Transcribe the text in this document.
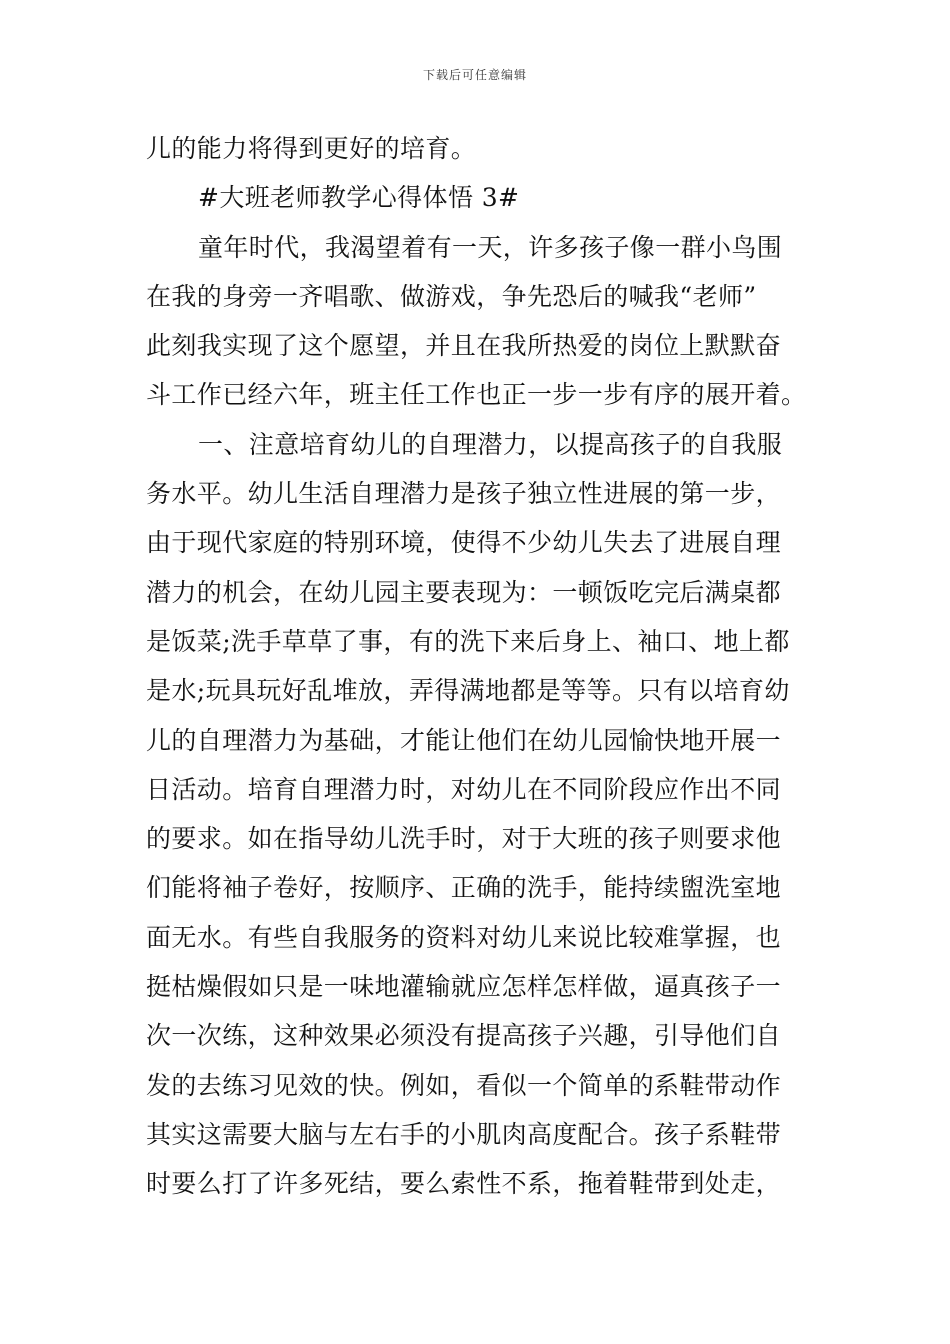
下载后可任意编辑
儿的能力将得到更好的培育。
#大班老师教学心得体悟 3#
童年时代，我渴望着有一天，许多孩子像一群小鸟围
在我的身旁一齐唱歌、做游戏，争先恐后的喊我“老师”
此刻我实现了这个愿望，并且在我所热爱的岗位上默默奋
斗工作已经六年，班主任工作也正一步一步有序的展开着。
一、注意培育幼儿的自理潜力，以提高孩子的自我服
务水平。幼儿生活自理潜力是孩子独立性进展的第一步，
由于现代家庭的特别环境，使得不少幼儿失去了进展自理
潜力的机会，在幼儿园主要表现为：一顿饭吃完后满桌都
是饭菜;洗手草草了事，有的洗下来后身上、袖口、地上都
是水;玩具玩好乱堆放，弄得满地都是等等。只有以培育幼
儿的自理潜力为基础，才能让他们在幼儿园愉快地开展一
日活动。培育自理潜力时，对幼儿在不同阶段应作出不同
的要求。如在指导幼儿洗手时，对于大班的孩子则要求他
们能将袖子卷好，按顺序、正确的洗手，能持续盥洗室地
面无水。有些自我服务的资料对幼儿来说比较难掌握，也
挺枯燥假如只是一味地灌输就应怎样怎样做，逼真孩子一
次一次练，这种效果必须没有提高孩子兴趣，引导他们自
发的去练习见效的快。例如，看似一个简单的系鞋带动作
其实这需要大脑与左右手的小肌肉高度配合。孩子系鞋带
时要么打了许多死结，要么索性不系，拖着鞋带到处走，
